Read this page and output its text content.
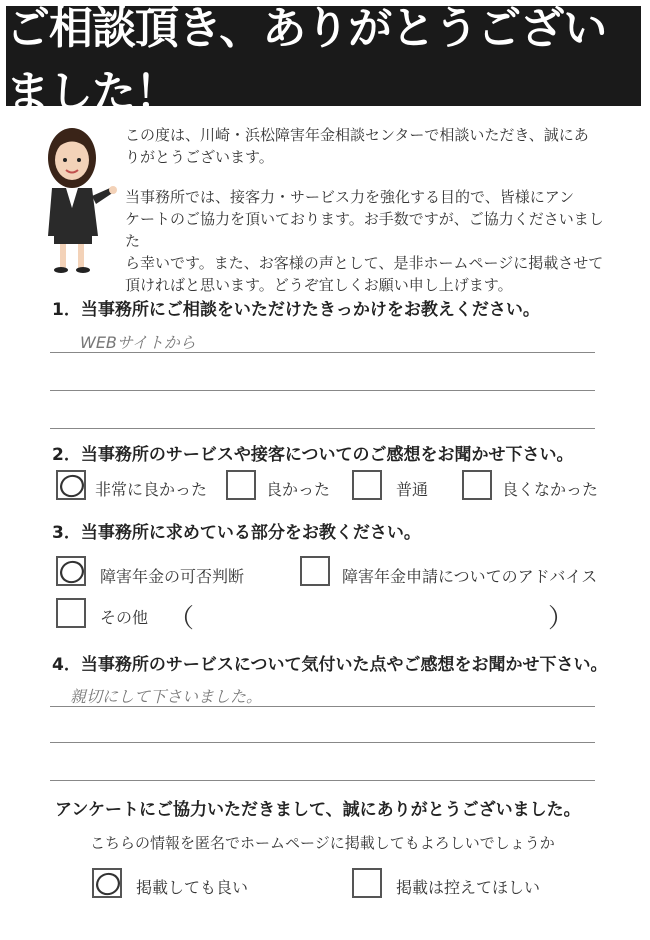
ご相談頂き、ありがとうございました！
この度は、川崎・浜松障害年金相談センターで相談いただき、誠にあ
りがとうございます。
当事務所では、接客力・サービス力を強化する目的で、皆様にアン
ケートのご協力を頂いております。お手数ですが、ご協力くださいました
ら幸いです。また、お客様の声として、是非ホームページに掲載させて
頂ければと思います。どうぞ宜しくお願い申し上げます。
1．当事務所にご相談をいただけたきっかけをお教えください。
WEBサイトから
2．当事務所のサービスや接客についてのご感想をお聞かせ下さい。
非常に良かった	良かった	普通	良くなかった
3．当事務所に求めている部分をお教ください。
障害年金の可否判断	障害年金申請についてのアドバイス
その他 （	）
4．当事務所のサービスについて気付いた点やご感想をお聞かせ下さい。
親切にして下さいました。
アンケートにご協力いただきまして、誠にありがとうございました。
こちらの情報を匿名でホームページに掲載してもよろしいでしょうか
掲載しても良い	掲載は控えてほしい
